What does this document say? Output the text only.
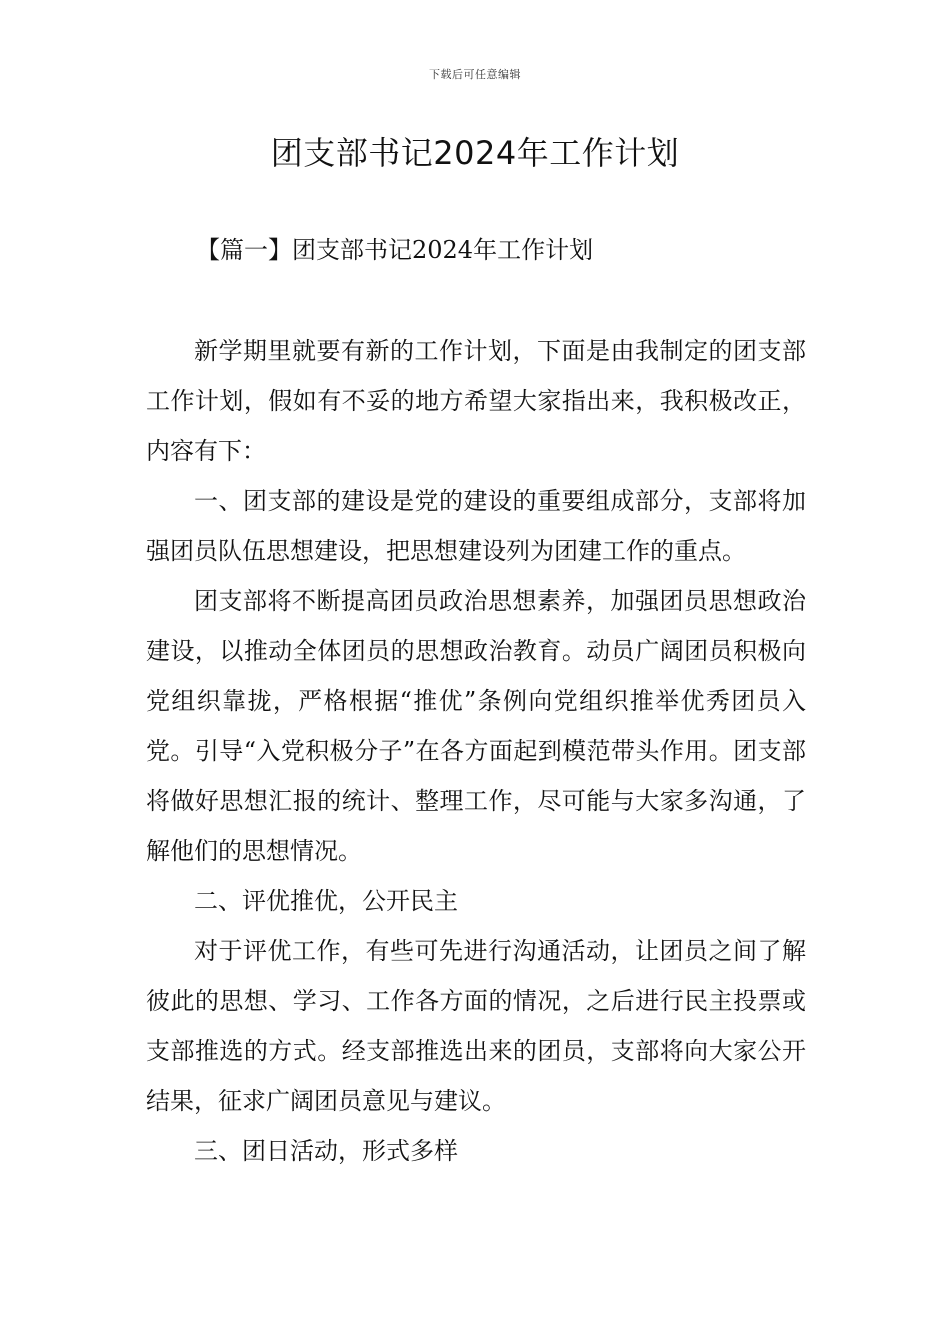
下载后可任意编辑
团支部书记2024年工作计划
【篇一】团支部书记2024年工作计划

新学期里就要有新的工作计划，下面是由我制定的团支部工作计划，假如有不妥的地方希望大家指出来，我积极改正，内容有下：

一、团支部的建设是党的建设的重要组成部分，支部将加强团员队伍思想建设，把思想建设列为团建工作的重点。

团支部将不断提高团员政治思想素养，加强团员思想政治建设，以推动全体团员的思想政治教育。动员广阔团员积极向党组织靠拢，严格根据“推优”条例向党组织推举优秀团员入党。引导“入党积极分子”在各方面起到模范带头作用。团支部将做好思想汇报的统计、整理工作，尽可能与大家多沟通，了解他们的思想情况。

二、评优推优，公开民主

对于评优工作，有些可先进行沟通活动，让团员之间了解彼此的思想、学习、工作各方面的情况，之后进行民主投票或支部推选的方式。经支部推选出来的团员，支部将向大家公开结果，征求广阔团员意见与建议。

三、团日活动，形式多样
